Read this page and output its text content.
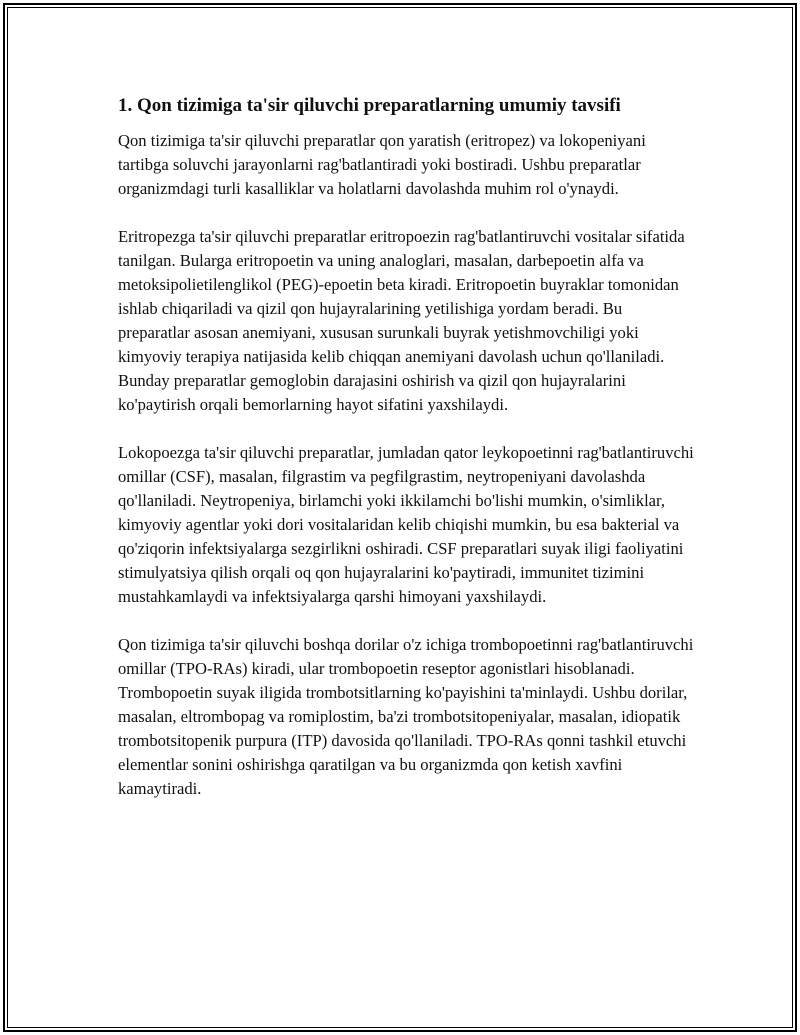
1. Qon tizimiga ta'sir qiluvchi preparatlarning umumiy tavsifi

Qon tizimiga ta'sir qiluvchi preparatlar qon yaratish (eritropez) va lokopeniyani tartibga soluvchi jarayonlarni rag'batlantiradi yoki bostiradi. Ushbu preparatlar organizmdagi turli kasalliklar va holatlarni davolashda muhim rol o'ynaydi.

Eritropezga ta'sir qiluvchi preparatlar eritropoezin rag'batlantiruvchi vositalar sifatida tanilgan. Bularga eritropoetin va uning analoglari, masalan, darbepoetin alfa va metoksipolietilenglikol (PEG)-epoetin beta kiradi. Eritropoetin buyraklar tomonidan ishlab chiqariladi va qizil qon hujayralarining yetilishiga yordam beradi. Bu preparatlar asosan anemiyani, xususan surunkali buyrak yetishmovchiligi yoki kimyoviy terapiya natijasida kelib chiqqan anemiyani davolash uchun qo'llaniladi. Bunday preparatlar gemoglobin darajasini oshirish va qizil qon hujayralarini ko'paytirish orqali bemorlarning hayot sifatini yaxshilaydi.

Lokopoezga ta'sir qiluvchi preparatlar, jumladan qator leykopoetinni rag'batlantiruvchi omillar (CSF), masalan, filgrastim va pegfilgrastim, neytropeniyani davolashda qo'llaniladi. Neytropeniya, birlamchi yoki ikkilamchi bo'lishi mumkin, o'simliklar, kimyoviy agentlar yoki dori vositalaridan kelib chiqishi mumkin, bu esa bakterial va qo'ziqorin infektsiyalarga sezgirlikni oshiradi. CSF preparatlari suyak iligi faoliyatini stimulyatsiya qilish orqali oq qon hujayralarini ko'paytiradi, immunitet tizimini mustahkamlaydi va infektsiyalarga qarshi himoyani yaxshilaydi.

Qon tizimiga ta'sir qiluvchi boshqa dorilar o'z ichiga trombopoetinni rag'batlantiruvchi omillar (TPO-RAs) kiradi, ular trombopoetin reseptor agonistlari hisoblanadi. Trombopoetin suyak iligida trombotsitlarning ko'payishini ta'minlaydi. Ushbu dorilar, masalan, eltrombopag va romiplostim, ba'zi trombotsitopeniyalar, masalan, idiopatik trombotsitopenik purpura (ITP) davosida qo'llaniladi. TPO-RAs qonni tashkil etuvchi elementlar sonini oshirishga qaratilgan va bu organizmda qon ketish xavfini kamaytiradi.
